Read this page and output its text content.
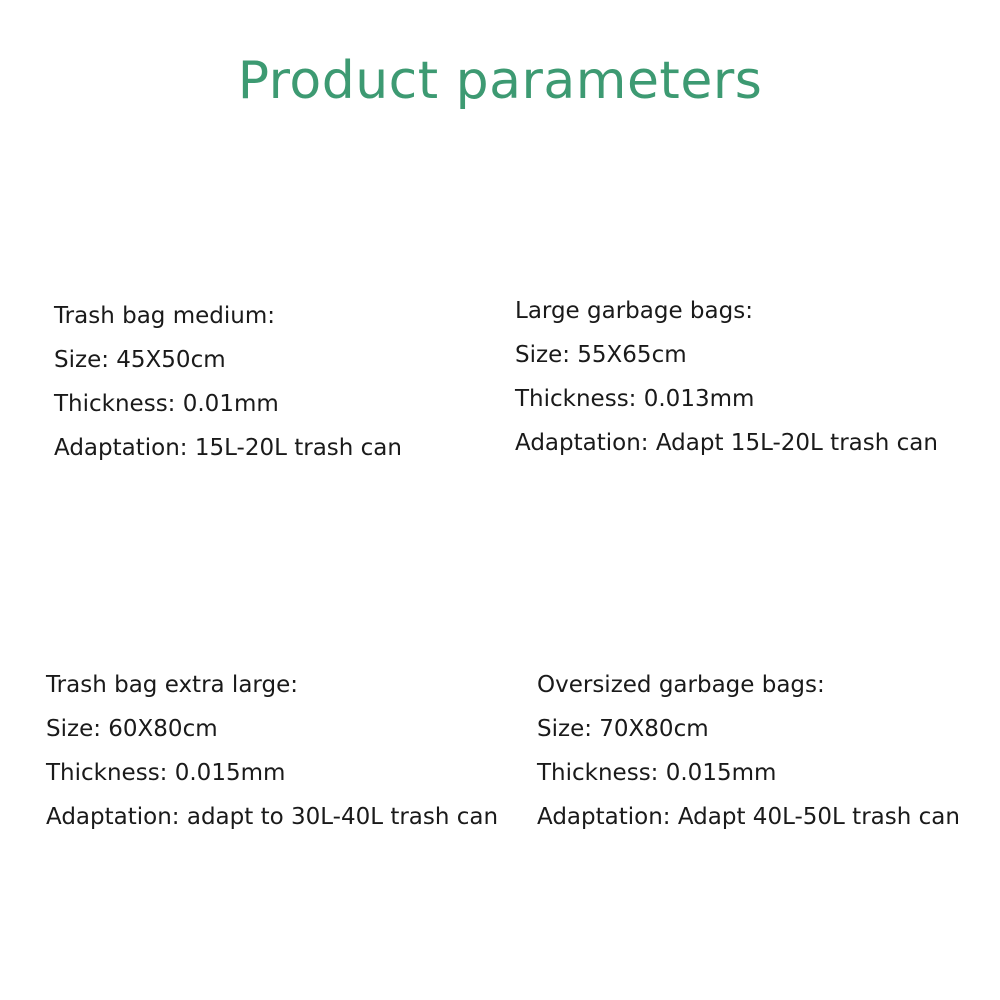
Product parameters
Trash bag medium:
Size: 45X50cm
Thickness: 0.01mm
Adaptation: 15L-20L trash can
Large garbage bags:
Size: 55X65cm
Thickness: 0.013mm
Adaptation: Adapt 15L-20L trash can
Trash bag extra large:
Size: 60X80cm
Thickness: 0.015mm
Adaptation: adapt to 30L-40L trash can
Oversized garbage bags:
Size: 70X80cm
Thickness: 0.015mm
Adaptation: Adapt 40L-50L trash can
